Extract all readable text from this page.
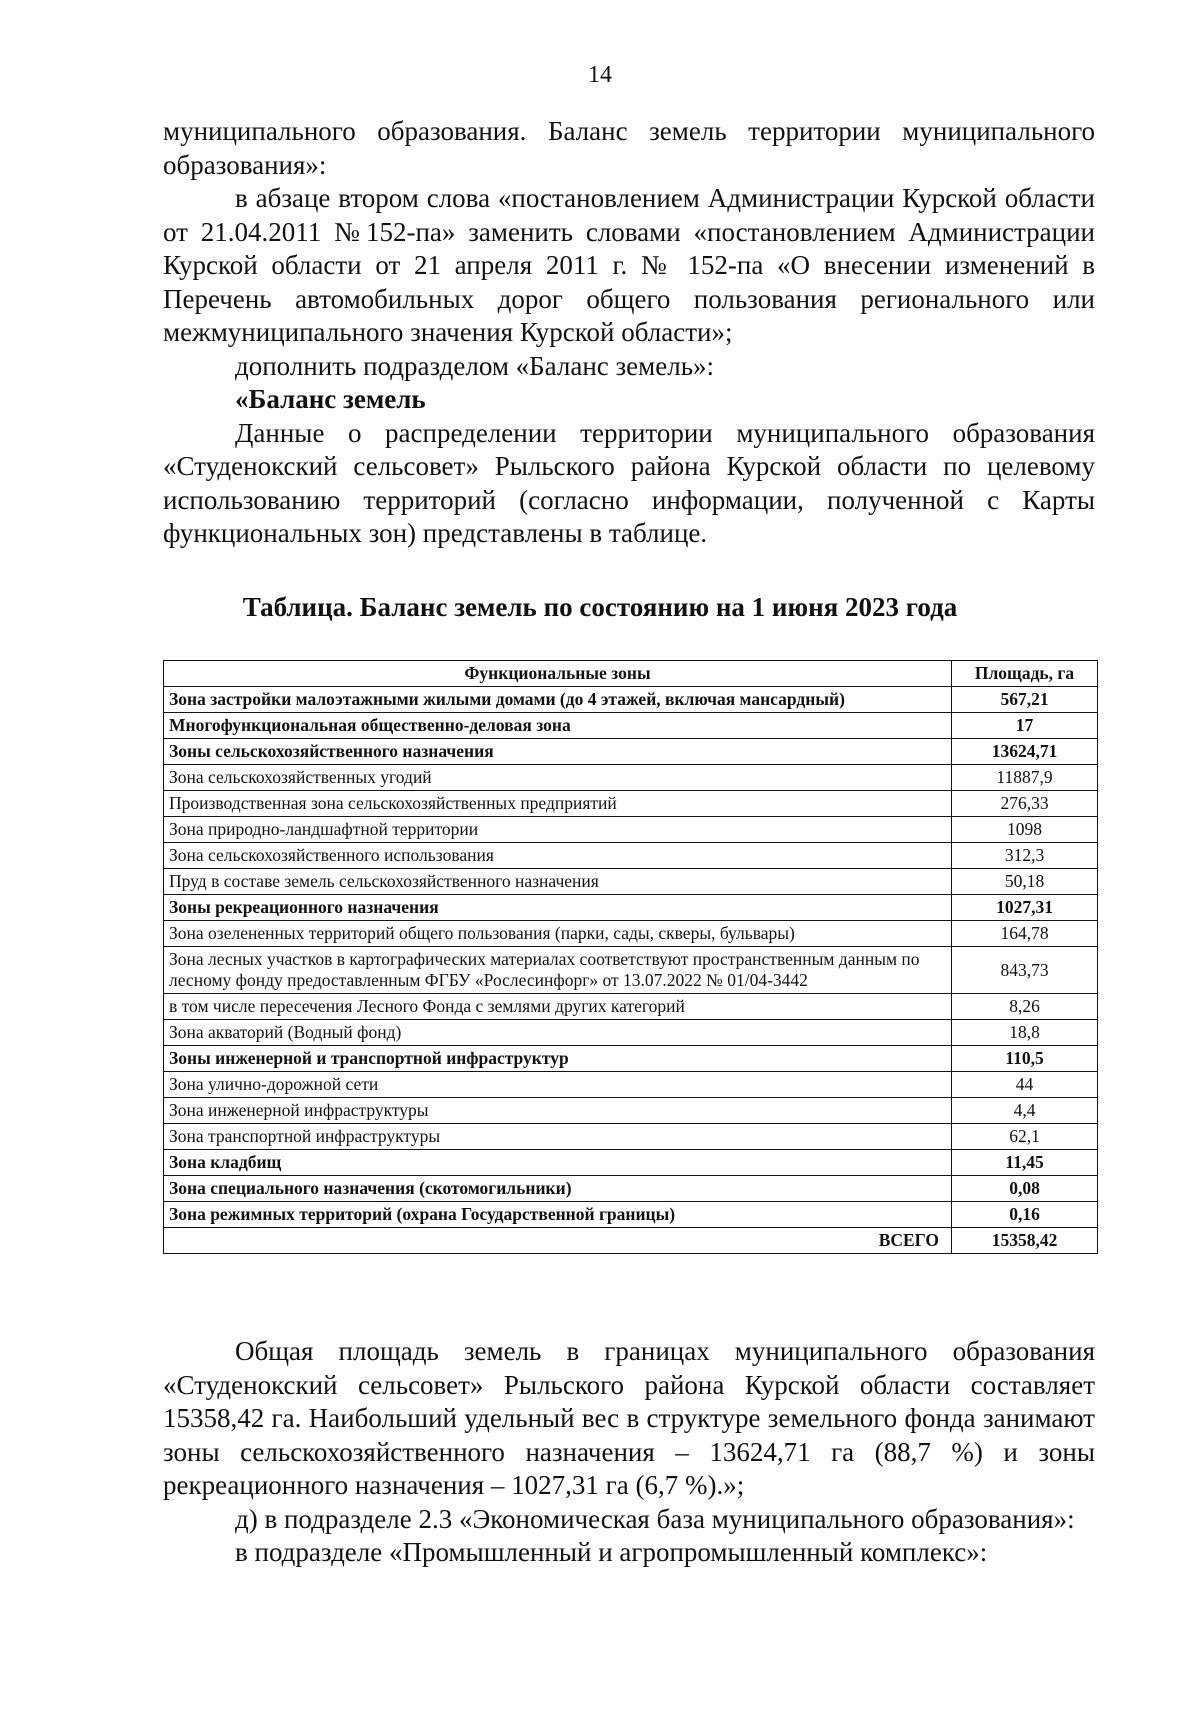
14

муниципального образования. Баланс земель территории муниципального образования»:

в абзаце втором слова «постановлением Администрации Курской области от 21.04.2011 №152-па» заменить словами «постановлением Администрации Курской области от 21 апреля 2011 г. № 152-па «О внесении изменений в Перечень автомобильных дорог общего пользования регионального или межмуниципального значения Курской области»;

дополнить подразделом «Баланс земель»:

«Баланс земель

Данные о распределении территории муниципального образования «Студенокский сельсовет» Рыльского района Курской области по целевому использованию территорий (согласно информации, полученной с Карты функциональных зон) представлены в таблице.

Таблица. Баланс земель по состоянию на 1 июня 2023 года
Функциональные зоны	Площадь, га
Зона застройки малоэтажными жилыми домами (до 4 этажей, включая мансардный)	567,21
Многофункциональная общественно-деловая зона	17
Зоны сельскохозяйственного назначения	13624,71
Зона сельскохозяйственных угодий	11887,9
Производственная зона сельскохозяйственных предприятий	276,33
Зона природно-ландшафтной территории	1098
Зона сельскохозяйственного использования	312,3
Пруд в составе земель сельскохозяйственного назначения	50,18
Зоны рекреационного назначения	1027,31
Зона озелененных территорий общего пользования (парки, сады, скверы, бульвары)	164,78
Зона лесных участков в картографических материалах соответствуют пространственным данным по лесному фонду предоставленным ФГБУ «Рослесинфорг» от 13.07.2022 № 01/04-3442	843,73
в том числе пересечения Лесного Фонда с землями других категорий	8,26
Зона акваторий (Водный фонд)	18,8
Зоны инженерной и транспортной инфраструктур	110,5
Зона улично-дорожной сети	44
Зона инженерной инфраструктуры	4,4
Зона транспортной инфраструктуры	62,1
Зона кладбищ	11,45
Зона специального назначения (скотомогильники)	0,08
Зона режимных территорий (охрана Государственной границы)	0,16
ВСЕГО	15358,42

Общая площадь земель в границах муниципального образования «Студенокский сельсовет» Рыльского района Курской области составляет 15358,42 га. Наибольший удельный вес в структуре земельного фонда занимают зоны сельскохозяйственного назначения – 13624,71 га (88,7 %) и зоны рекреационного назначения – 1027,31 га (6,7 %).»;

д) в подразделе 2.3 «Экономическая база муниципального образования»:

в подразделе «Промышленный и агропромышленный комплекс»:
